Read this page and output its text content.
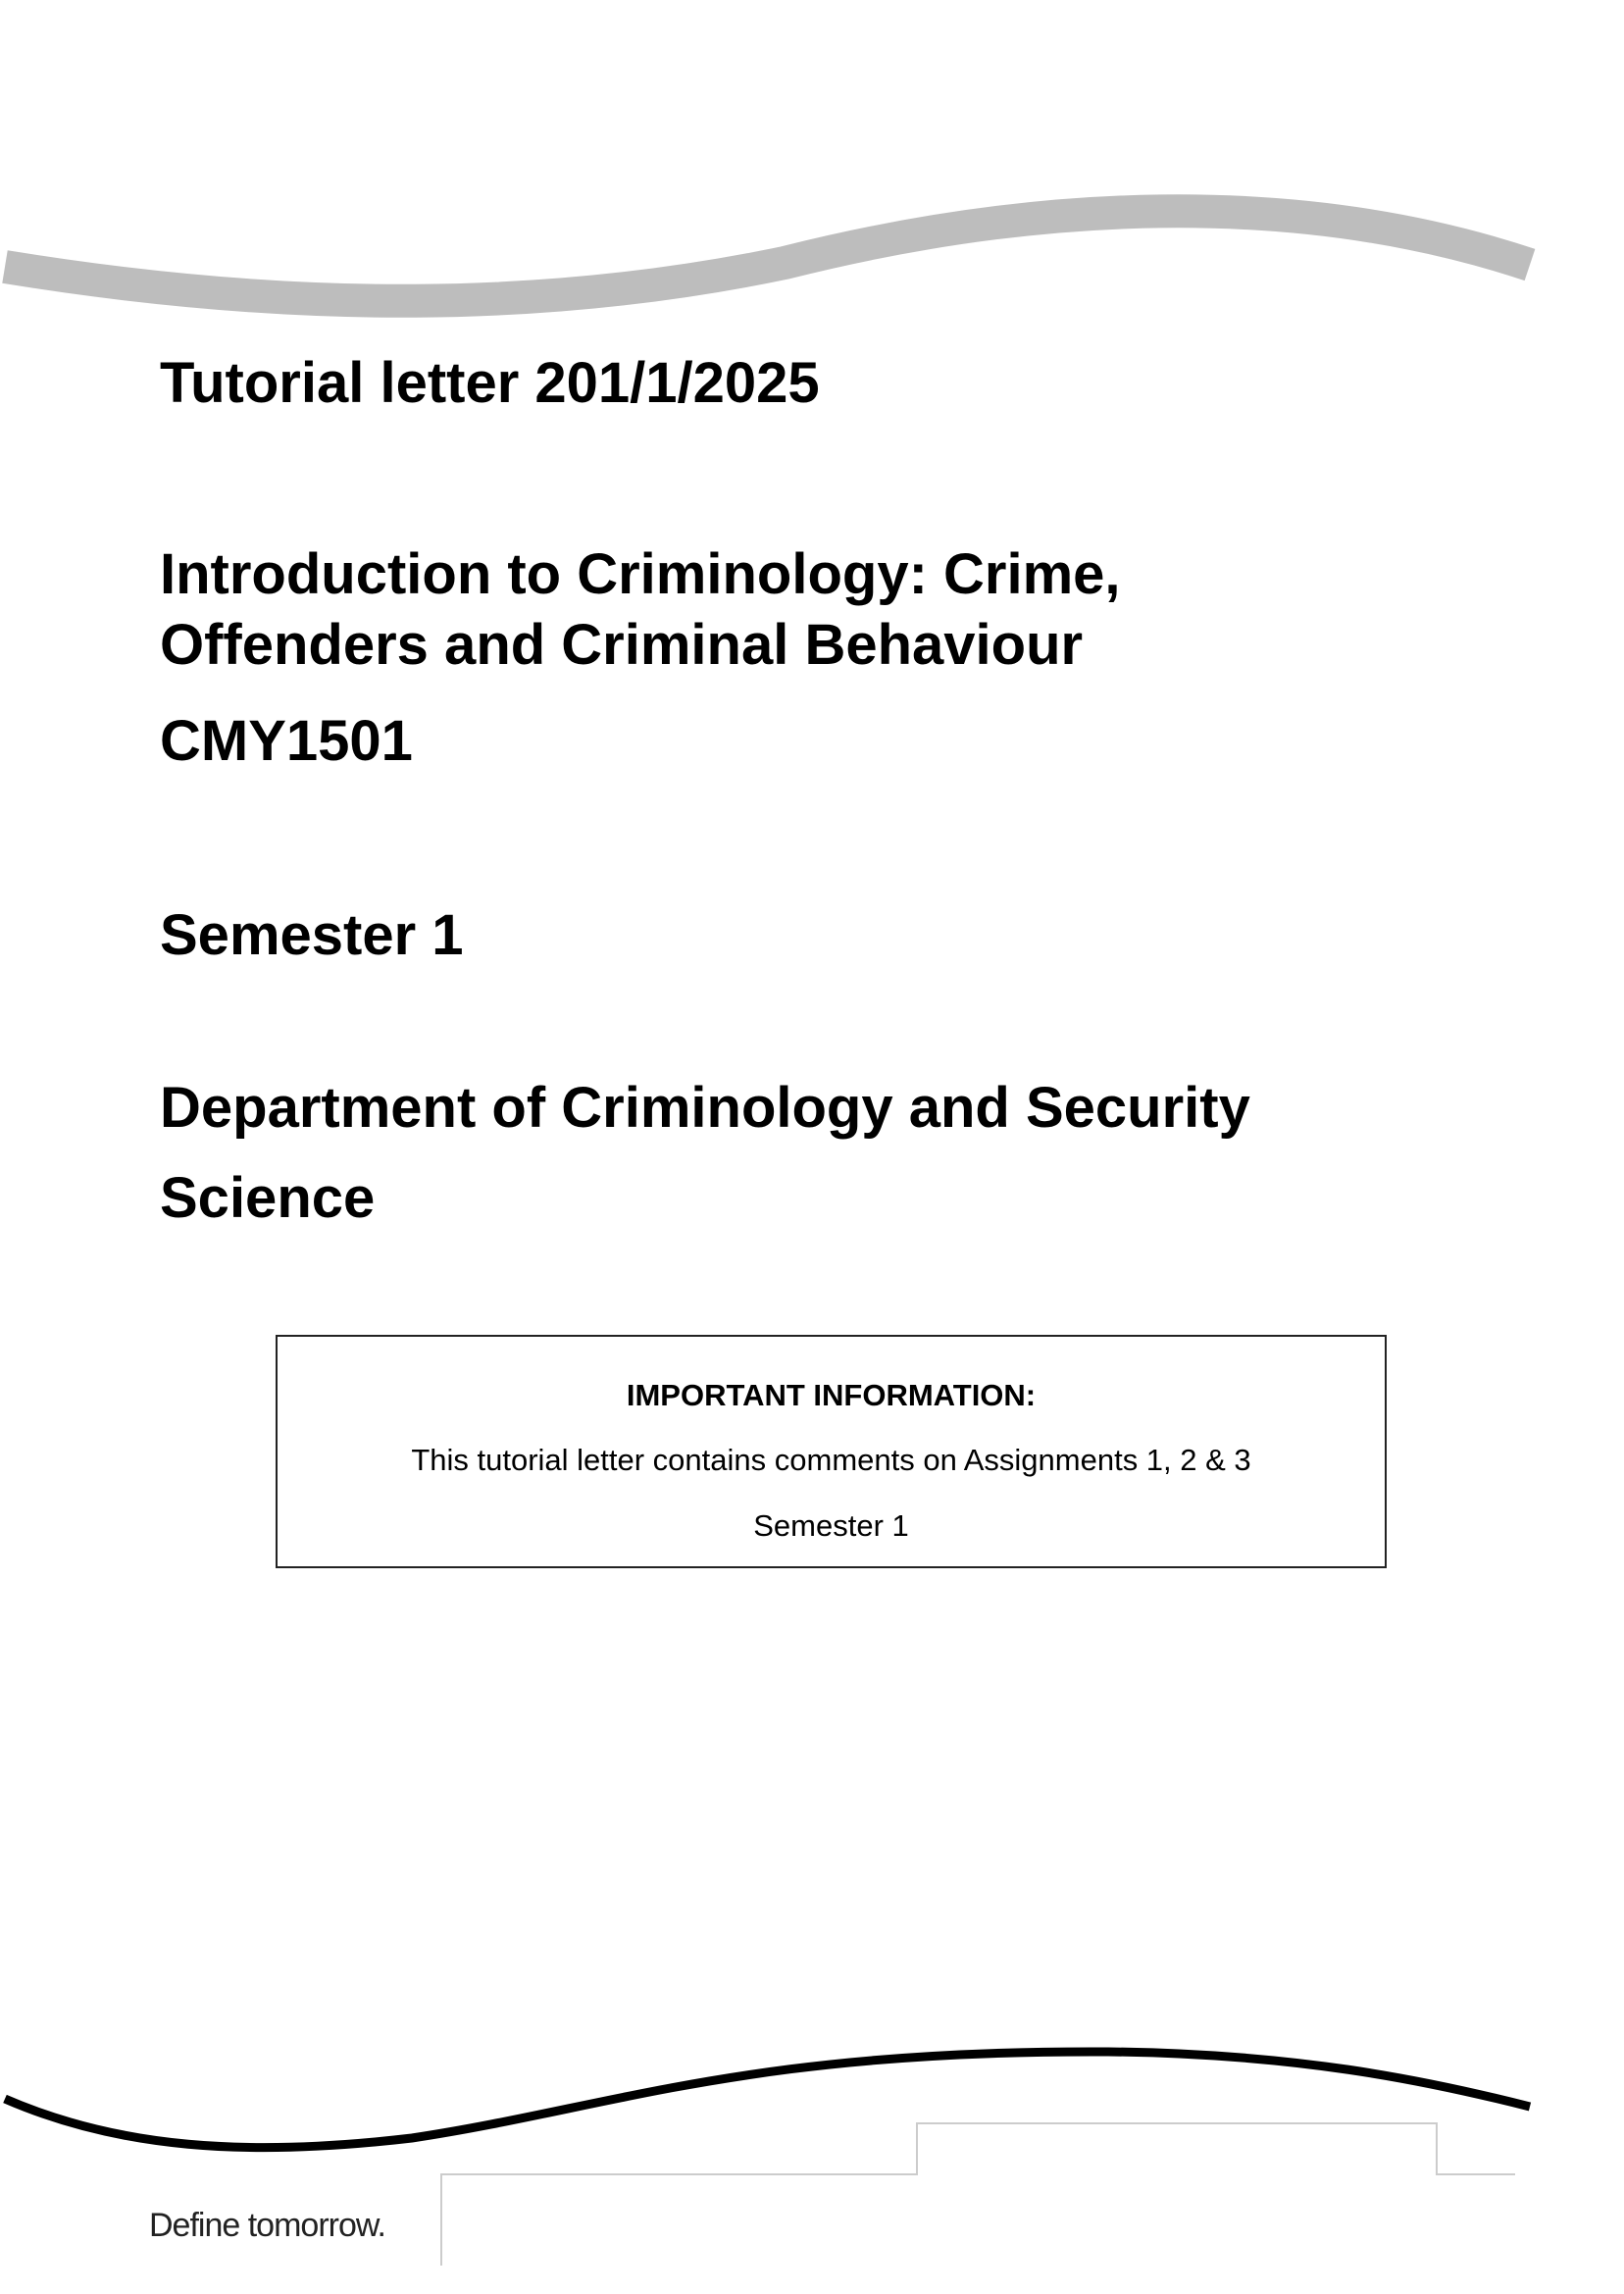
Tutorial letter 201/1/2025
Introduction to Criminology: Crime,
Offenders and Criminal Behaviour
CMY1501
Semester 1
Department of Criminology and Security
Science
IMPORTANT INFORMATION:
This tutorial letter contains comments on Assignments 1, 2 & 3
Semester 1
Define tomorrow.
